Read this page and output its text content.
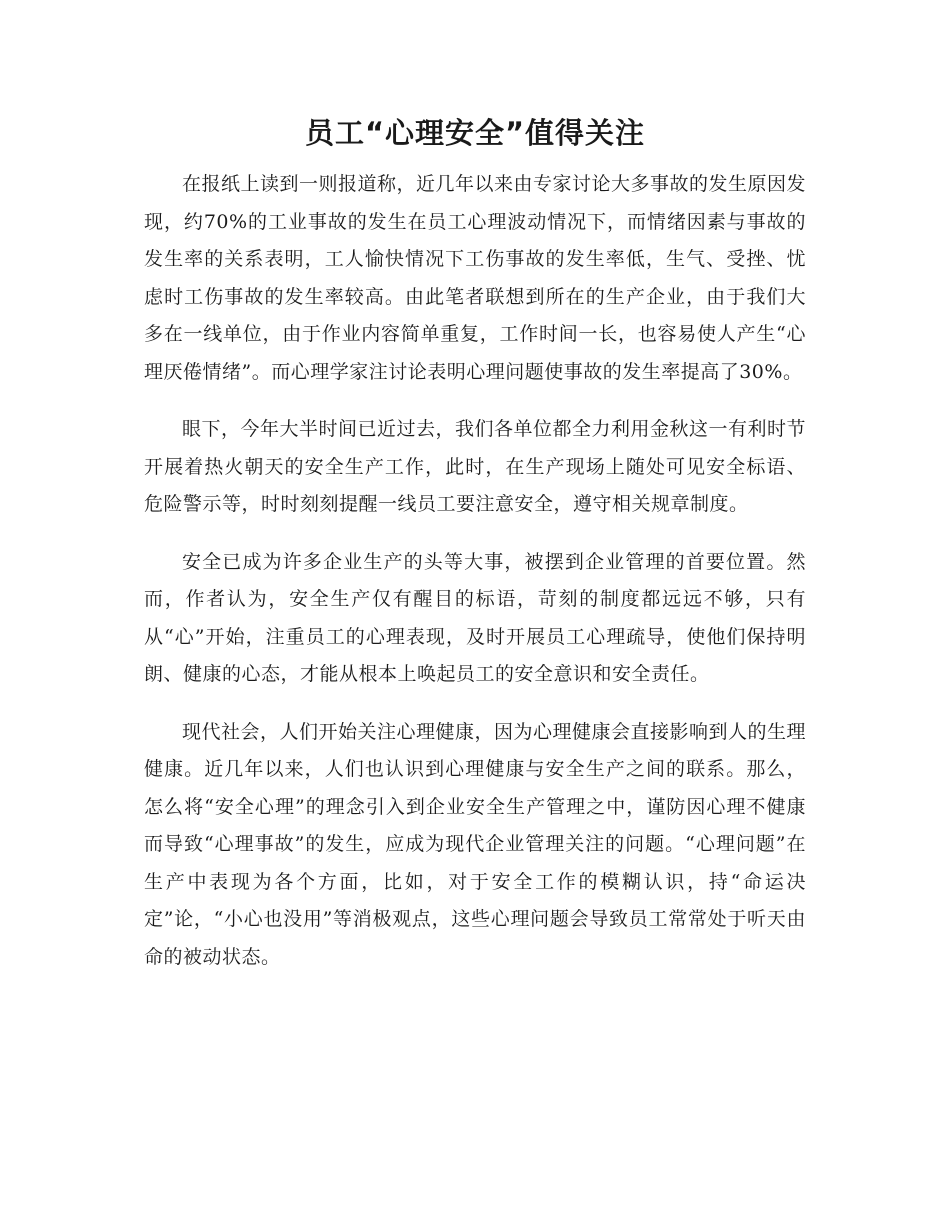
员工“心理安全”值得关注

在报纸上读到一则报道称，近几年以来由专家讨论大多事故的发生原因发现，约70%的工业事故的发生在员工心理波动情况下，而情绪因素与事故的发生率的关系表明，工人愉快情况下工伤事故的发生率低，生气、受挫、忧虑时工伤事故的发生率较高。由此笔者联想到所在的生产企业，由于我们大多在一线单位，由于作业内容简单重复，工作时间一长，也容易使人产生“心理厌倦情绪”。而心理学家注讨论表明心理问题使事故的发生率提高了30%。

眼下，今年大半时间已近过去，我们各单位都全力利用金秋这一有利时节开展着热火朝天的安全生产工作，此时，在生产现场上随处可见安全标语、危险警示等，时时刻刻提醒一线员工要注意安全，遵守相关规章制度。

安全已成为许多企业生产的头等大事，被摆到企业管理的首要位置。然而，作者认为，安全生产仅有醒目的标语，苛刻的制度都远远不够，只有从“心”开始，注重员工的心理表现，及时开展员工心理疏导，使他们保持明朗、健康的心态，才能从根本上唤起员工的安全意识和安全责任。

现代社会，人们开始关注心理健康，因为心理健康会直接影响到人的生理健康。近几年以来，人们也认识到心理健康与安全生产之间的联系。那么，怎么将“安全心理”的理念引入到企业安全生产管理之中，谨防因心理不健康而导致“心理事故”的发生，应成为现代企业管理关注的问题。“心理问题”在生产中表现为各个方面，比如，对于安全工作的模糊认识，持“命运决定”论，“小心也没用”等消极观点，这些心理问题会导致员工常常处于听天由命的被动状态。
